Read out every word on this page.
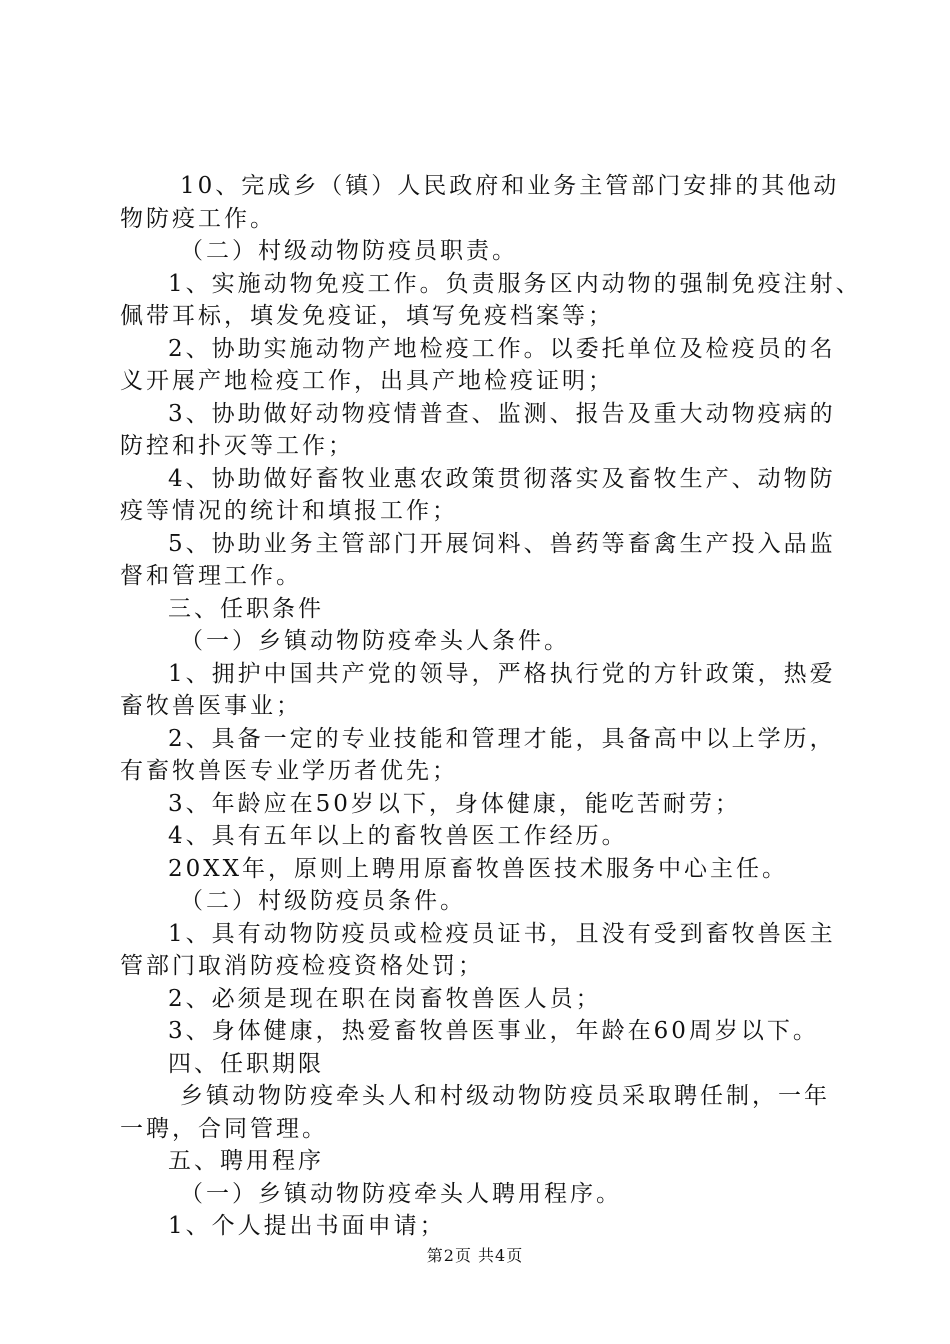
10、完成乡（镇）人民政府和业务主管部门安排的其他动
物防疫工作。
（二）村级动物防疫员职责。
1、实施动物免疫工作。负责服务区内动物的强制免疫注射、
佩带耳标，填发免疫证，填写免疫档案等；
2、协助实施动物产地检疫工作。以委托单位及检疫员的名
义开展产地检疫工作，出具产地检疫证明；
3、协助做好动物疫情普查、监测、报告及重大动物疫病的
防控和扑灭等工作；
4、协助做好畜牧业惠农政策贯彻落实及畜牧生产、动物防
疫等情况的统计和填报工作；
5、协助业务主管部门开展饲料、兽药等畜禽生产投入品监
督和管理工作。
三、任职条件
（一）乡镇动物防疫牵头人条件。
1、拥护中国共产党的领导，严格执行党的方针政策，热爱
畜牧兽医事业；
2、具备一定的专业技能和管理才能，具备高中以上学历，
有畜牧兽医专业学历者优先；
3、年龄应在50岁以下，身体健康，能吃苦耐劳；
4、具有五年以上的畜牧兽医工作经历。
20XX年，原则上聘用原畜牧兽医技术服务中心主任。
（二）村级防疫员条件。
1、具有动物防疫员或检疫员证书，且没有受到畜牧兽医主
管部门取消防疫检疫资格处罚；
2、必须是现在职在岗畜牧兽医人员；
3、身体健康，热爱畜牧兽医事业，年龄在60周岁以下。
四、任职期限
乡镇动物防疫牵头人和村级动物防疫员采取聘任制，一年
一聘，合同管理。
五、聘用程序
（一）乡镇动物防疫牵头人聘用程序。
1、个人提出书面申请；
第2页 共4页
